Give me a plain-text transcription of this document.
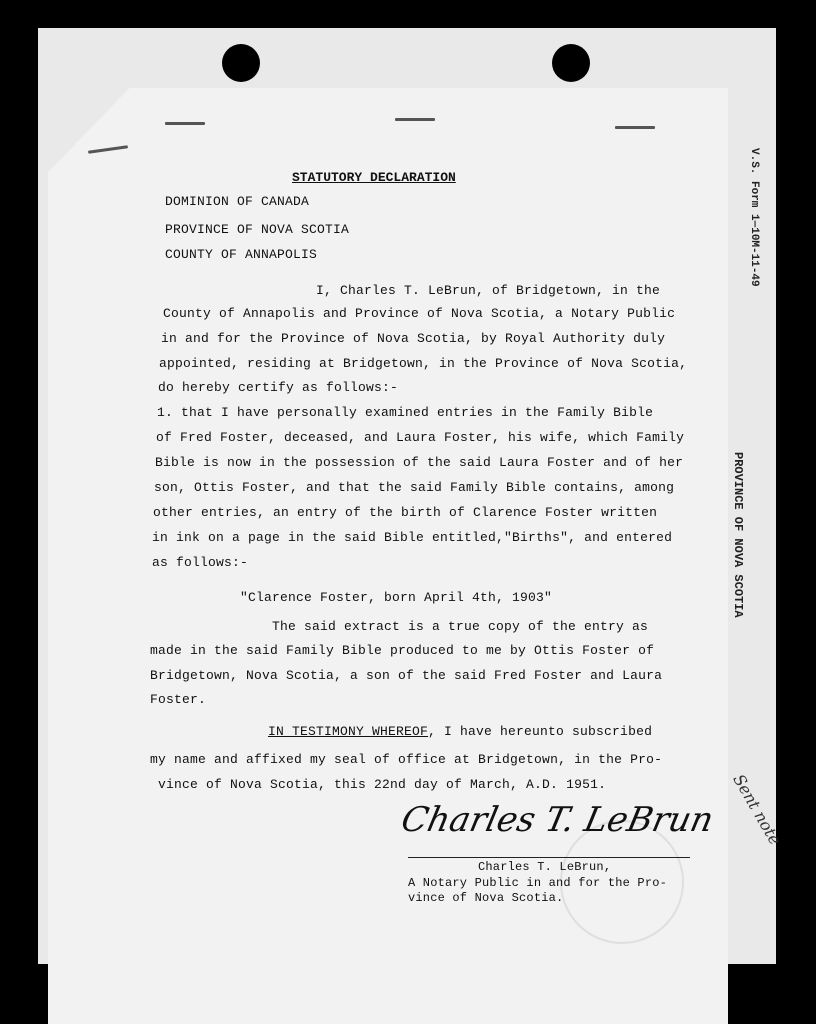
V.S. Form 1—10M-11-49
PROVINCE OF NOVA SCOTIA
STATUTORY DECLARATION
DOMINION OF CANADA
PROVINCE OF NOVA SCOTIA
COUNTY OF ANNAPOLIS
I, Charles T. LeBrun, of Bridgetown, in the
County of Annapolis and Province of Nova Scotia, a Notary Public
in and for the Province of Nova Scotia, by Royal Authority duly
appointed, residing at Bridgetown, in the Province of Nova Scotia,
do hereby certify as follows:-
1. that I have personally examined entries in the Family Bible
of Fred Foster, deceased, and Laura Foster, his wife, which Family
Bible is now in the possession of the said Laura Foster and of her
son, Ottis Foster, and that the said Family Bible contains, among
other entries, an entry of the birth of Clarence Foster written
in ink on a page in the said Bible entitled,"Births", and entered
as follows:-
"Clarence Foster, born April 4th, 1903"
The said extract is a true copy of the entry as
made in the said Family Bible produced to me by Ottis Foster of
Bridgetown, Nova Scotia, a son of the said Fred Foster and Laura
Foster.
IN TESTIMONY WHEREOF, I have hereunto subscribed
my name and affixed my seal of office at Bridgetown, in the Pro-
vince of Nova Scotia, this 22nd day of March, A.D. 1951.
Charles T. LeBrun
Charles T. LeBrun,
A Notary Public in and for the Pro-
vince of Nova Scotia.
Sent note
